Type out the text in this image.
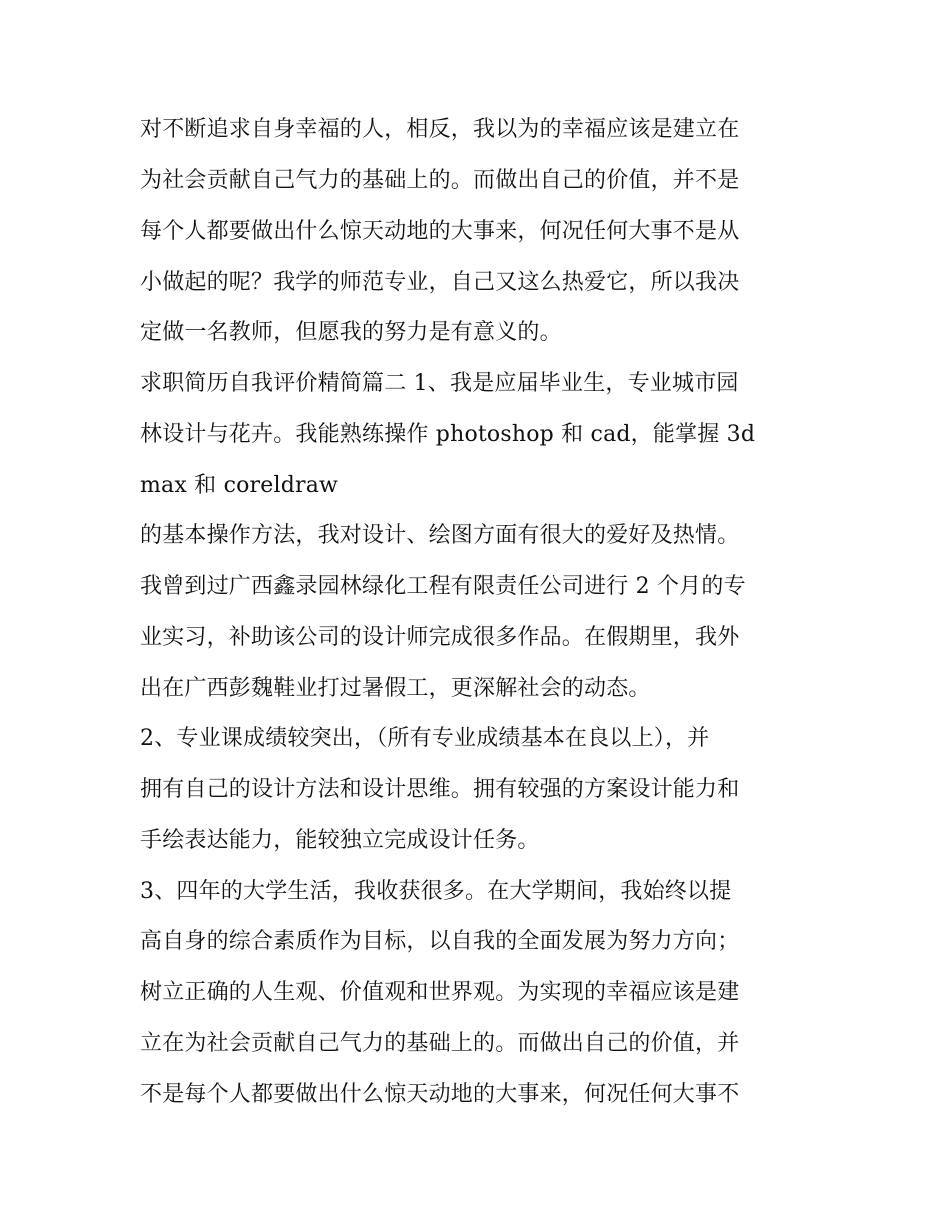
对不断追求自身幸福的人，相反，我以为的幸福应该是建立在
为社会贡献自己气力的基础上的。而做出自己的价值，并不是
每个人都要做出什么惊天动地的大事来，何况任何大事不是从
小做起的呢？我学的师范专业，自己又这么热爱它，所以我决
定做一名教师，但愿我的努力是有意义的。
求职简历自我评价精简篇二 1、我是应届毕业生，专业城市园
林设计与花卉。我能熟练操作 photoshop 和 cad，能掌握 3d
max 和 coreldraw
的基本操作方法，我对设计、绘图方面有很大的爱好及热情。
我曾到过广西鑫录园林绿化工程有限责任公司进行 2 个月的专
业实习，补助该公司的设计师完成很多作品。在假期里，我外
出在广西彭魏鞋业打过暑假工，更深解社会的动态。
2、专业课成绩较突出，（所有专业成绩基本在良以上），并
拥有自己的设计方法和设计思维。拥有较强的方案设计能力和
手绘表达能力，能较独立完成设计任务。
3、四年的大学生活，我收获很多。在大学期间，我始终以提
高自身的综合素质作为目标，以自我的全面发展为努力方向；
树立正确的人生观、价值观和世界观。为实现的幸福应该是建
立在为社会贡献自己气力的基础上的。而做出自己的价值，并
不是每个人都要做出什么惊天动地的大事来，何况任何大事不
